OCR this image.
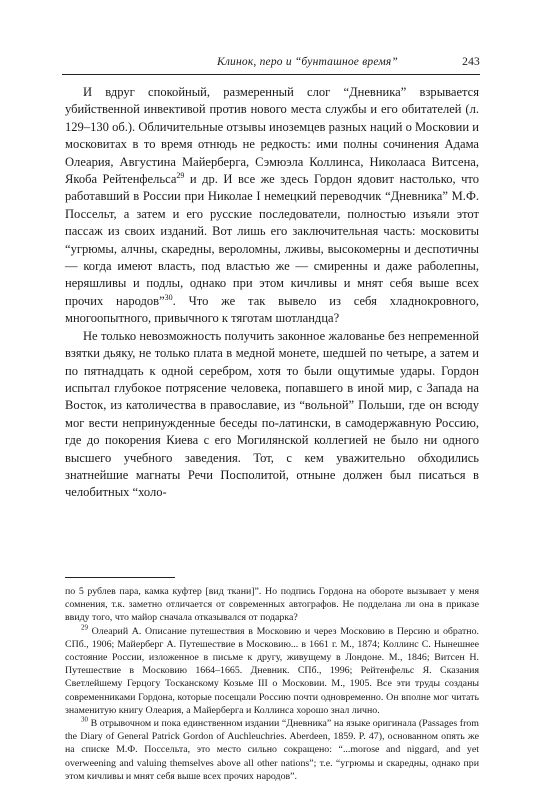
Клинок, перо и “бунташное время”	243

И вдруг спокойный, размеренный слог “Дневника” взрывается убийственной инвективой против нового места службы и его обитателей (л. 129–130 об.). Обличительные отзывы иноземцев разных наций о Московии и московитах в то время отнюдь не редкость: ими полны сочинения Адама Олеария, Августина Майерберга, Сэмюэла Коллинса, Николааса Витсена, Якоба Рейтенфельса$^{29}$ и др. И все же здесь Гордон ядовит настолько, что работавший в России при Николае I немецкий переводчик “Дневника” М.Ф. Поссельт, а затем и его русские последователи, полностью изъяли этот пассаж из своих изданий. Вот лишь его заключительная часть: московиты “угрюмы, алчны, скаредны, вероломны, лживы, высокомерны и деспотичны — когда имеют власть, под властью же — смиренны и даже раболепны, неряшливы и подлы, однако при этом кичливы и мнят себя выше всех прочих народов”$^{30}$. Что же так вывело из себя хладнокровного, многоопытного, привычного к тяготам шотландца?

Не только невозможность получить законное жалованье без непременной взятки дьяку, не только плата в медной монете, шедшей по четыре, а затем и по пятнадцать к одной серебром, хотя то были ощутимые удары. Гордон испытал глубокое потрясение человека, попавшего в иной мир, с Запада на Восток, из католичества в православие, из “вольной” Польши, где он всюду мог вести непринужденные беседы по-латински, в самодержавную Россию, где до покорения Киева с его Могилянской коллегией не было ни одного высшего учебного заведения. Тот, с кем уважительно обходились знатнейшие магнаты Речи Посполитой, отныне должен был писаться в челобитных “холо-

по 5 рублев пара, камка куфтер [вид ткани]”. Но подпись Гордона на обороте вызывает у меня сомнения, т.к. заметно отличается от современных автографов. Не подделана ли она в приказе ввиду того, что майор сначала отказывался от подарка?

$^{29}$ Олеарий А. Описание путешествия в Московию и через Московию в Персию и обратно. СПб., 1906; Майерберг А. Путешествие в Московию... в 1661 г. М., 1874; Коллинс С. Нынешнее состояние России, изложенное в письме к другу, живущему в Лондоне. М., 1846; Витсен Н. Путешествие в Московию 1664–1665. Дневник. СПб., 1996; Рейтенфельс Я. Сказания Светлейшему Герцогу Тосканскому Козьме III о Московии. М., 1905. Все эти труды созданы современниками Гордона, которые посещали Россию почти одновременно. Он вполне мог читать знаменитую книгу Олеария, а Майерберга и Коллинса хорошо знал лично.

$^{30}$ В отрывочном и пока единственном издании “Дневника” на языке оригинала (Passages from the Diary of General Patrick Gordon of Auchleuchries. Aberdeen, 1859. P. 47), основанном опять же на списке М.Ф. Поссельта, это место сильно сокращено: “...morose and niggard, and yet overweening and valuing themselves above all other nations”; т.е. “угрюмы и скаредны, однако при этом кичливы и мнят себя выше всех прочих народов”.
